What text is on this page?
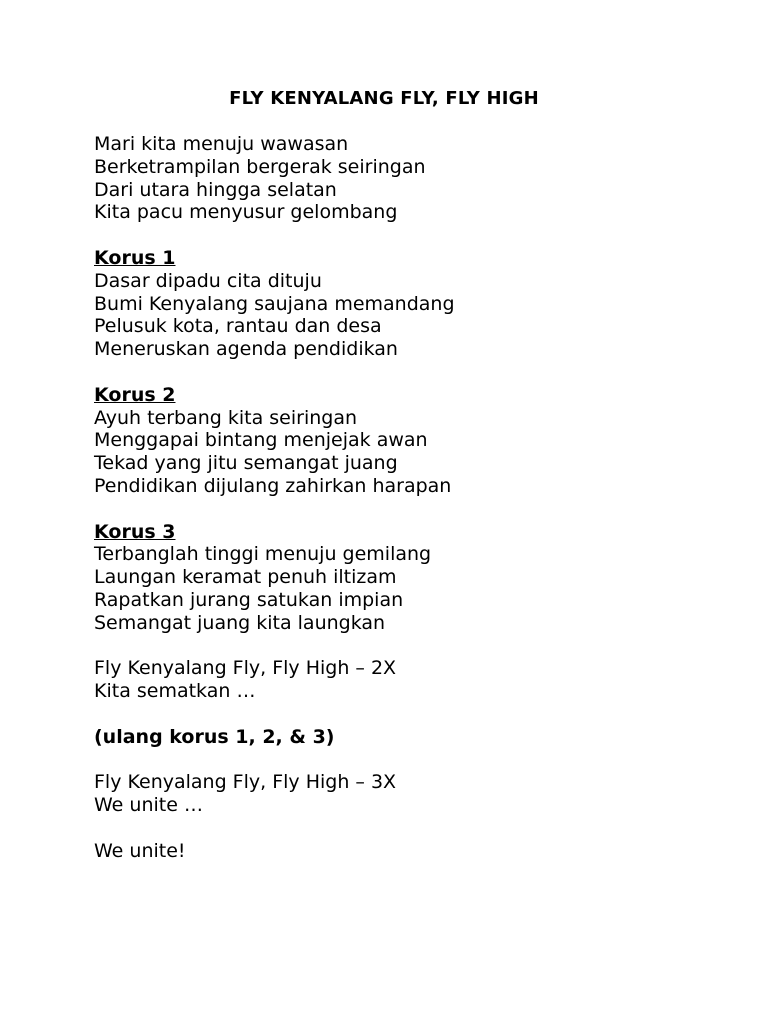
FLY KENYALANG FLY, FLY HIGH
Mari kita menuju wawasan
Berketrampilan bergerak seiringan
Dari utara hingga selatan
Kita pacu menyusur gelombang
Korus 1
Dasar dipadu cita dituju
Bumi Kenyalang saujana memandang
Pelusuk kota, rantau dan desa
Meneruskan agenda pendidikan
Korus 2
Ayuh terbang kita seiringan
Menggapai bintang menjejak awan
Tekad yang jitu semangat juang
Pendidikan dijulang zahirkan harapan
Korus 3
Terbanglah tinggi menuju gemilang
Laungan keramat penuh iltizam
Rapatkan jurang satukan impian
Semangat juang kita laungkan
Fly Kenyalang Fly, Fly High – 2X
Kita sematkan …
(ulang korus 1, 2, & 3)
Fly Kenyalang Fly, Fly High – 3X
We unite …
We unite!
